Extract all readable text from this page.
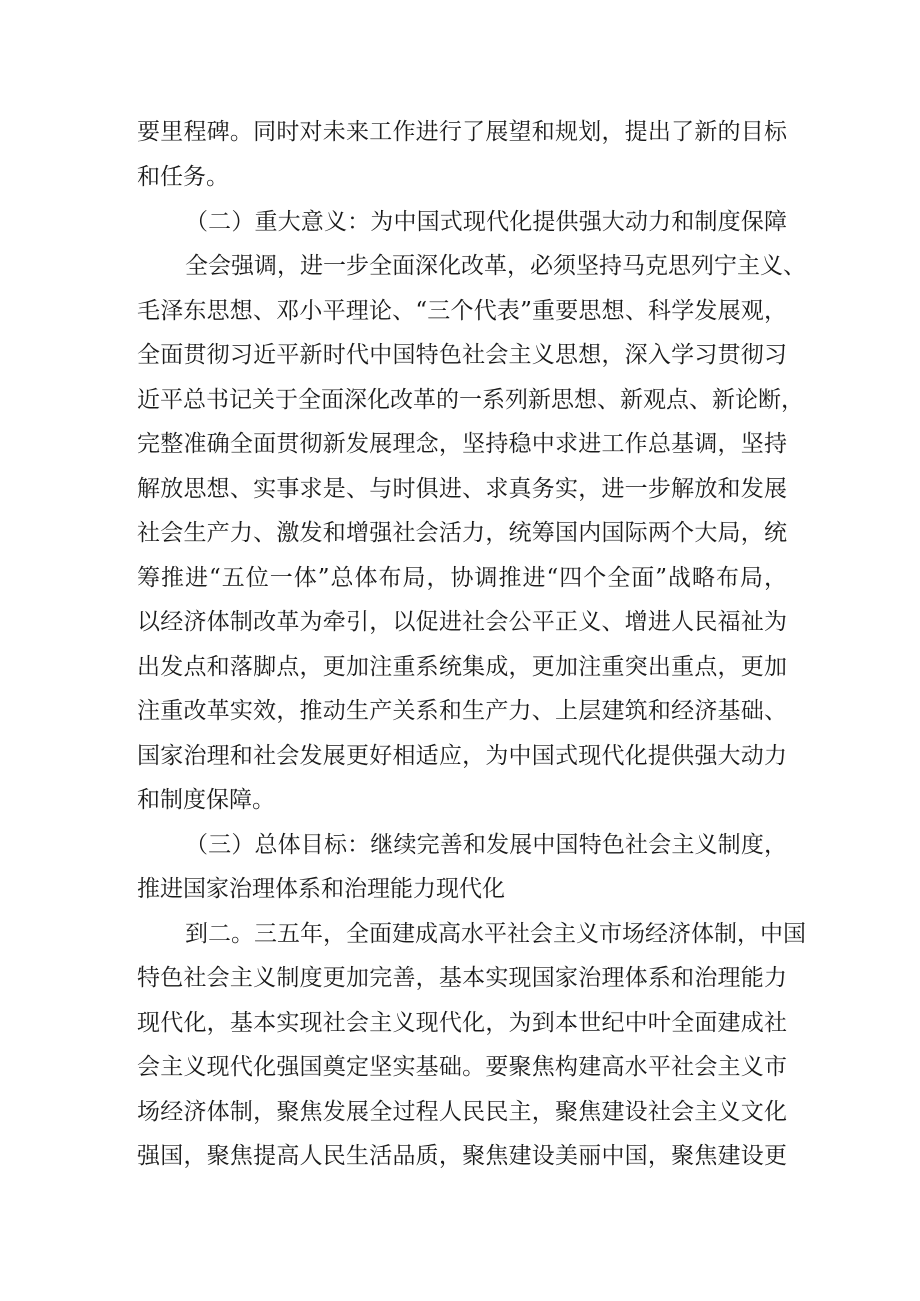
要里程碑。同时对未来工作进行了展望和规划，提出了新的目标
和任务。
（二）重大意义：为中国式现代化提供强大动力和制度保障
全会强调，进一步全面深化改革，必须坚持马克思列宁主义、
毛泽东思想、邓小平理论、“三个代表”重要思想、科学发展观，
全面贯彻习近平新时代中国特色社会主义思想，深入学习贯彻习
近平总书记关于全面深化改革的一系列新思想、新观点、新论断，
完整准确全面贯彻新发展理念，坚持稳中求进工作总基调，坚持
解放思想、实事求是、与时俱进、求真务实，进一步解放和发展
社会生产力、激发和增强社会活力，统筹国内国际两个大局，统
筹推进“五位一体”总体布局，协调推进“四个全面”战略布局，
以经济体制改革为牵引，以促进社会公平正义、增进人民福祉为
出发点和落脚点，更加注重系统集成，更加注重突出重点，更加
注重改革实效，推动生产关系和生产力、上层建筑和经济基础、
国家治理和社会发展更好相适应，为中国式现代化提供强大动力
和制度保障。
（三）总体目标：继续完善和发展中国特色社会主义制度，
推进国家治理体系和治理能力现代化
到二。三五年，全面建成高水平社会主义市场经济体制，中国
特色社会主义制度更加完善，基本实现国家治理体系和治理能力
现代化，基本实现社会主义现代化，为到本世纪中叶全面建成社
会主义现代化强国奠定坚实基础。要聚焦构建高水平社会主义市
场经济体制，聚焦发展全过程人民民主，聚焦建设社会主义文化
强国，聚焦提高人民生活品质，聚焦建设美丽中国，聚焦建设更
